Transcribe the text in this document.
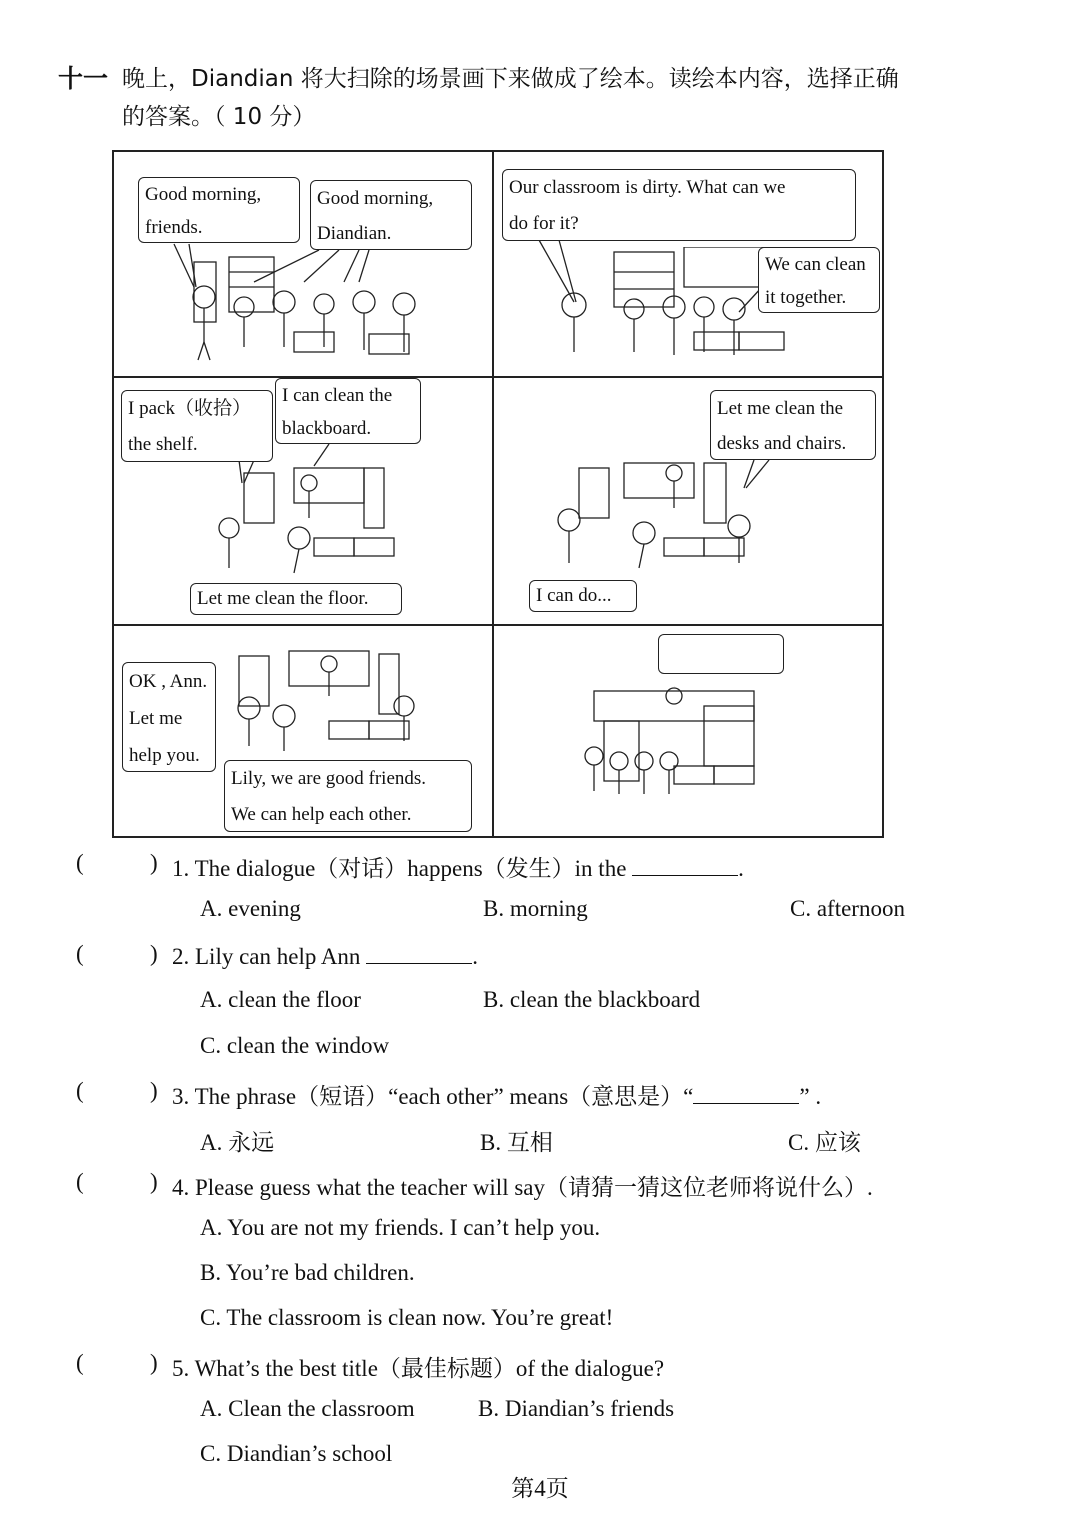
十一 晚上，Diandian 将大扫除的场景画下来做成了绘本。读绘本内容，选择正确
的答案。（ 10 分）
Good morning,
friends.
Good morning,
Diandian.
Our classroom is dirty. What can we
do for it?
We can clean
it together.
I pack（收拾）
the shelf.
I can clean the
blackboard.
Let me clean the floor.
Let me clean the
desks and chairs.
I can do...
OK , Ann.
Let me
help you.
Lily, we are good friends.
We can help each other.
(	) 1. The dialogue（对话）happens（发生）in the	.
A. evening	B. morning	C. afternoon
(	) 2. Lily can help Ann	.
A. clean the floor	B. clean the blackboard
C. clean the window
(	) 3. The phrase（短语）“each other” means（意思是）“	” .
A. 永远	B. 互相	C. 应该
(	) 4. Please guess what the teacher will say（请猜一猜这位老师将说什么）.
A. You are not my friends. I can’t help you.
B. You’re bad children.
C. The classroom is clean now. You’re great!
(	) 5. What’s the best title（最佳标题）of the dialogue?
A. Clean the classroom	B. Diandian’s friends
C. Diandian’s school
第4页
